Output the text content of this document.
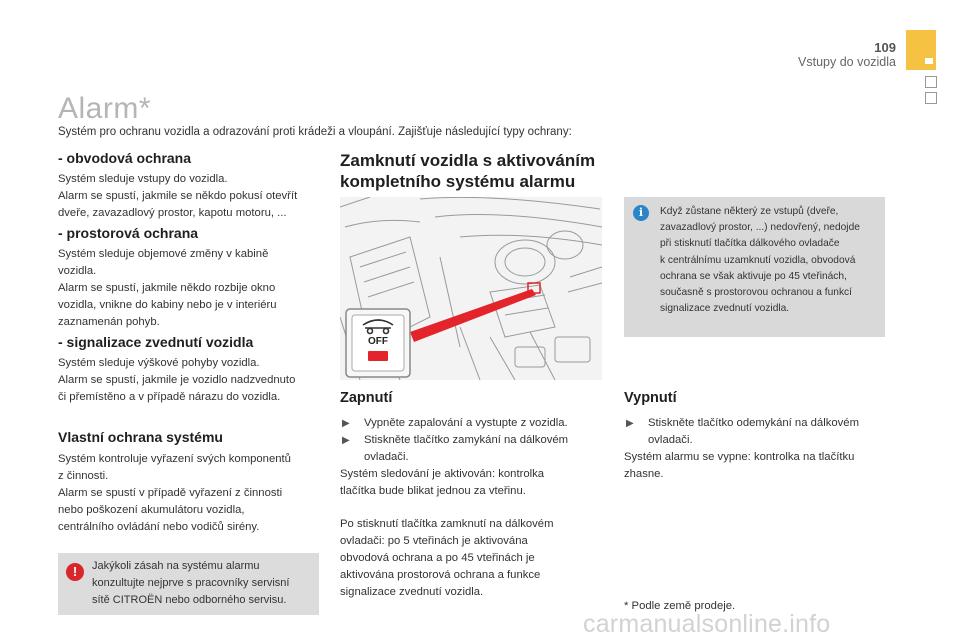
109
Vstupy do vozidla
Alarm*
Systém pro ochranu vozidla a odrazování proti krádeži a vloupání. Zajišťuje následující typy ochrany:
- obvodová ochrana
Systém sleduje vstupy do vozidla.
Alarm se spustí, jakmile se někdo pokusí otevřít
dveře, zavazadlový prostor, kapotu motoru, ...
- prostorová ochrana
Systém sleduje objemové změny v kabině
vozidla.
Alarm se spustí, jakmile někdo rozbije okno
vozidla, vnikne do kabiny nebo je v interiéru
zaznamenán pohyb.
- signalizace zvednutí vozidla
Systém sleduje výškové pohyby vozidla.
Alarm se spustí, jakmile je vozidlo nadzvednuto
či přemístěno a v případě nárazu do vozidla.
Vlastní ochrana systému
Systém kontroluje vyřazení svých komponentů
z činnosti.
Alarm se spustí v případě vyřazení z činnosti
nebo poškození akumulátoru vozidla,
centrálního ovládání nebo vodičů sirény.
!	Jakýkoli zásah na systému alarmu
konzultujte nejprve s pracovníky servisní
sítě CITROËN nebo odborného servisu.
Zamknutí vozidla s aktivováním
kompletního systému alarmu
OFF
Zapnutí
▶ Vypněte zapalování a vystupte z vozidla.
▶ Stiskněte tlačítko zamykání na dálkovém
ovladači.
Systém sledování je aktivován: kontrolka
tlačítka bude blikat jednou za vteřinu.
Po stisknutí tlačítka zamknutí na dálkovém
ovladači: po 5 vteřinách je aktivována
obvodová ochrana a po 45 vteřinách je
aktivována prostorová ochrana a funkce
signalizace zvednutí vozidla.
i	Když zůstane některý ze vstupů (dveře,
zavazadlový prostor, ...) nedovřený, nedojde
při stisknutí tlačítka dálkového ovladače
k centrálnímu uzamknutí vozidla, obvodová
ochrana se však aktivuje po 45 vteřinách,
současně s prostorovou ochranou a funkcí
signalizace zvednutí vozidla.
Vypnutí
▶ Stiskněte tlačítko odemykání na dálkovém
ovladači.
Systém alarmu se vypne: kontrolka na tlačítku
zhasne.
* Podle země prodeje.
carmanualsonline.info
